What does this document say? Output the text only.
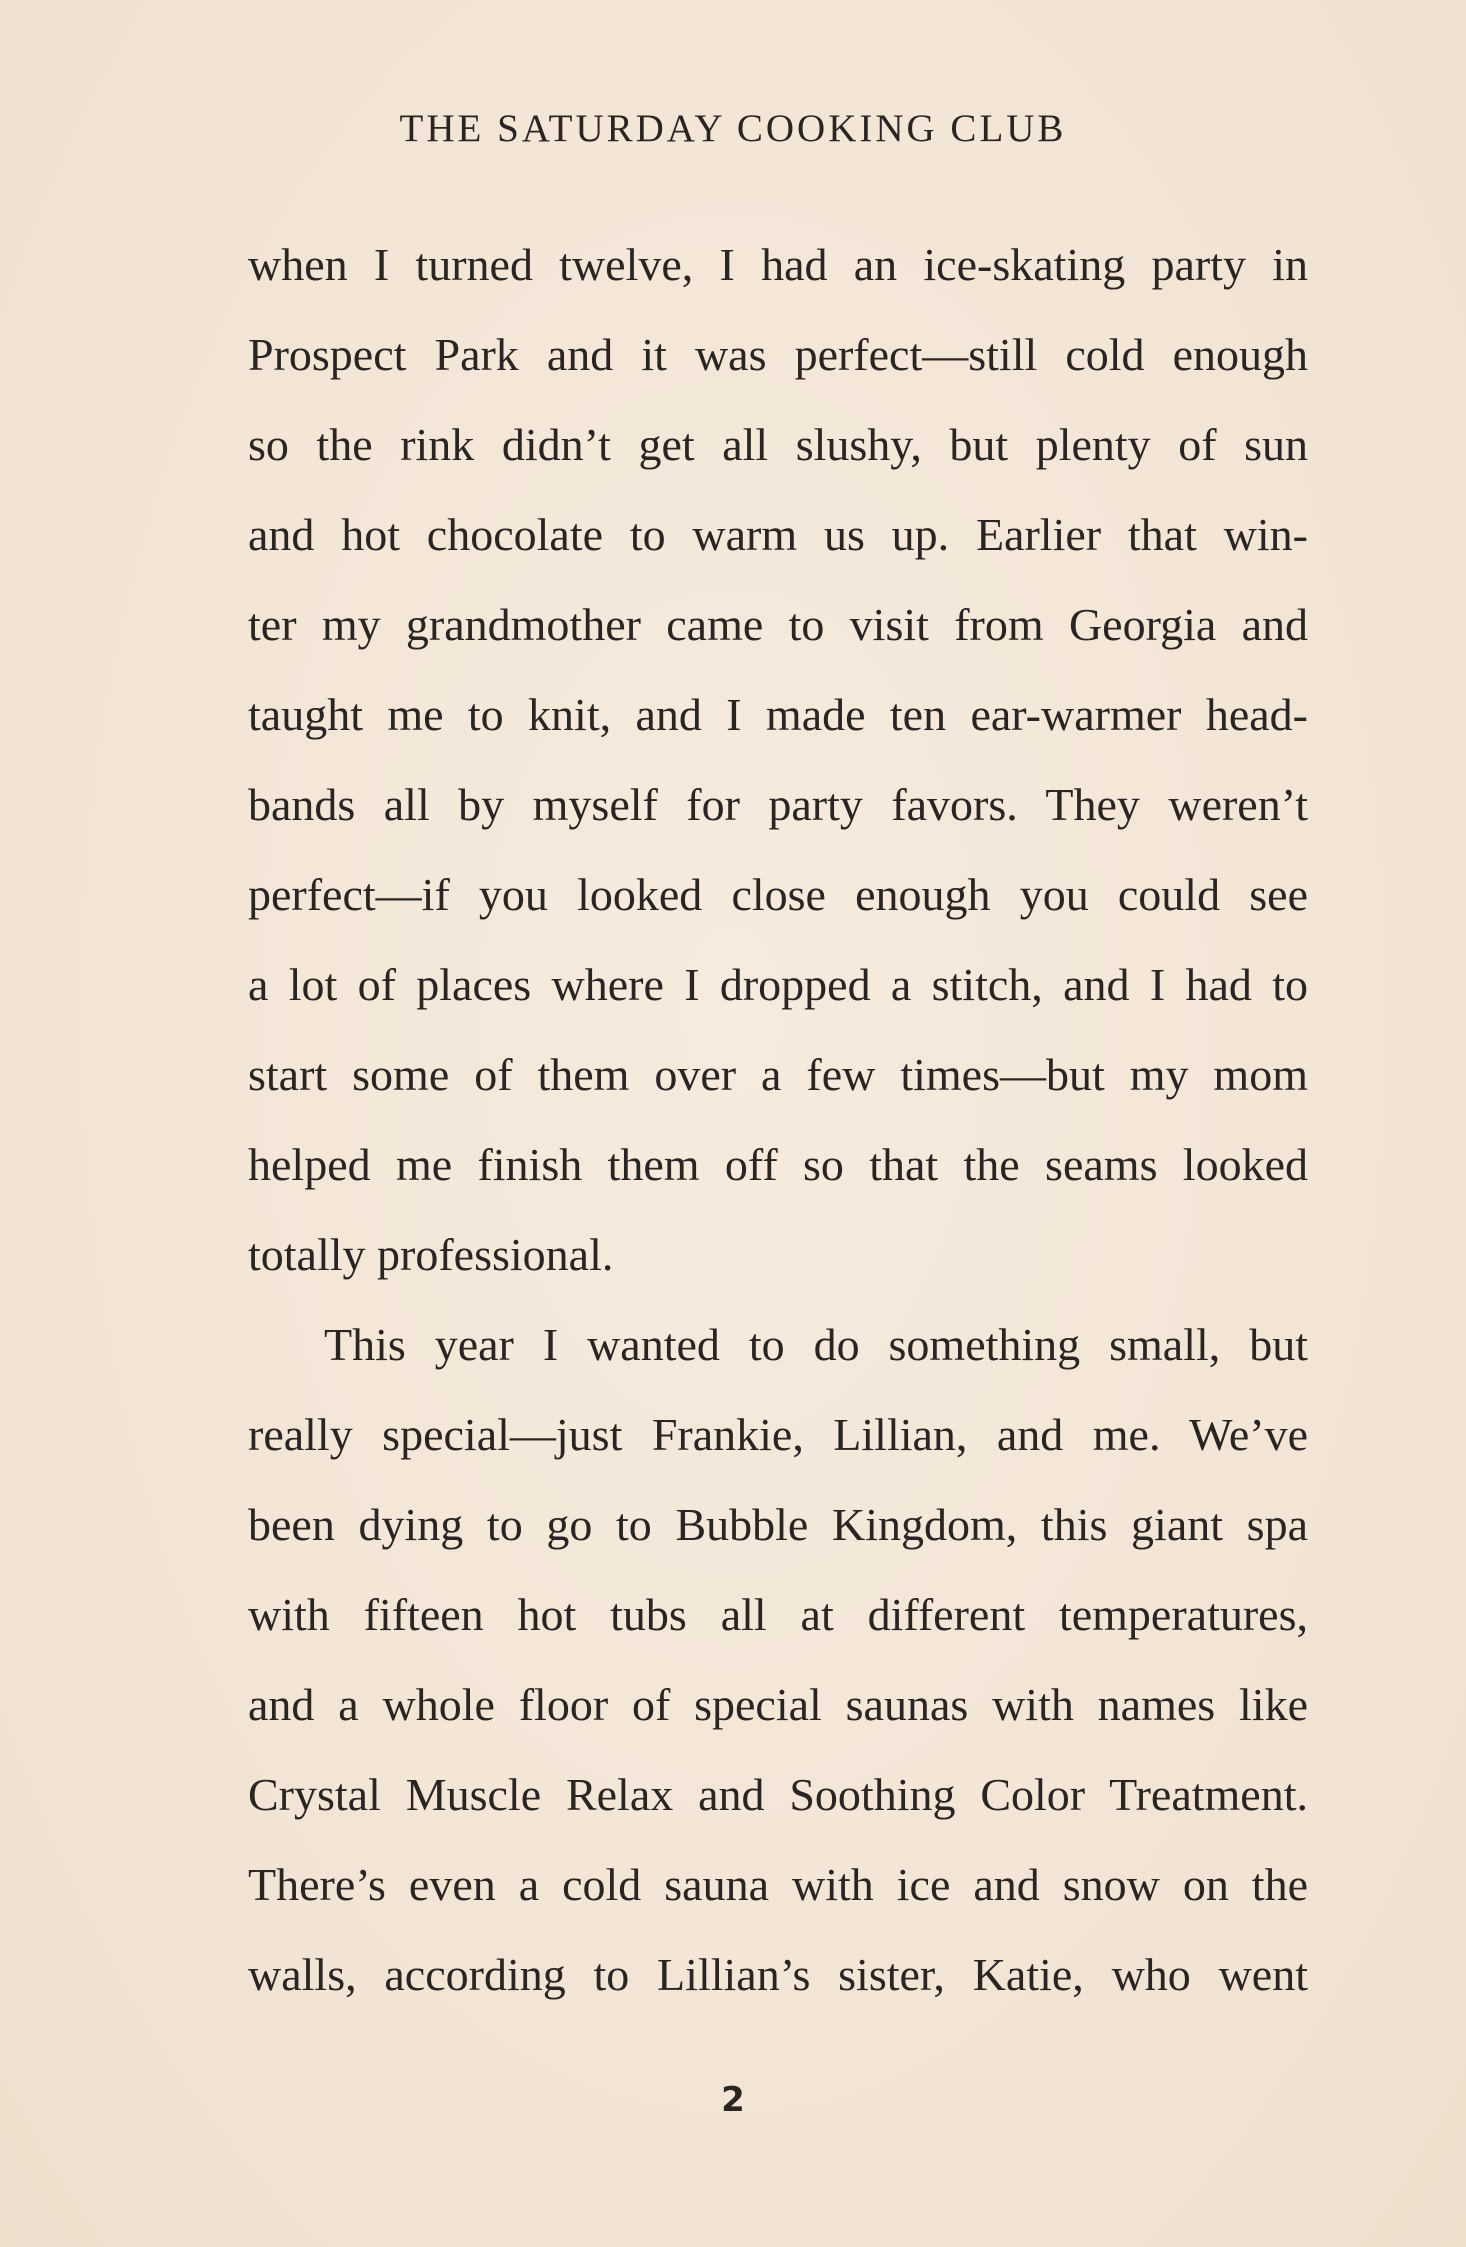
THE SATURDAY COOKING CLUB
when I turned twelve, I had an ice-skating party in
Prospect Park and it was perfect—still cold enough
so the rink didn’t get all slushy, but plenty of sun
and hot chocolate to warm us up. Earlier that win-
ter my grandmother came to visit from Georgia and
taught me to knit, and I made ten ear-warmer head-
bands all by myself for party favors. They weren’t
perfect—if you looked close enough you could see
a lot of places where I dropped a stitch, and I had to
start some of them over a few times—but my mom
helped me finish them off so that the seams looked
totally professional.
This year I wanted to do something small, but
really special—just Frankie, Lillian, and me. We’ve
been dying to go to Bubble Kingdom, this giant spa
with fifteen hot tubs all at different temperatures,
and a whole floor of special saunas with names like
Crystal Muscle Relax and Soothing Color Treatment.
There’s even a cold sauna with ice and snow on the
walls, according to Lillian’s sister, Katie, who went
2
